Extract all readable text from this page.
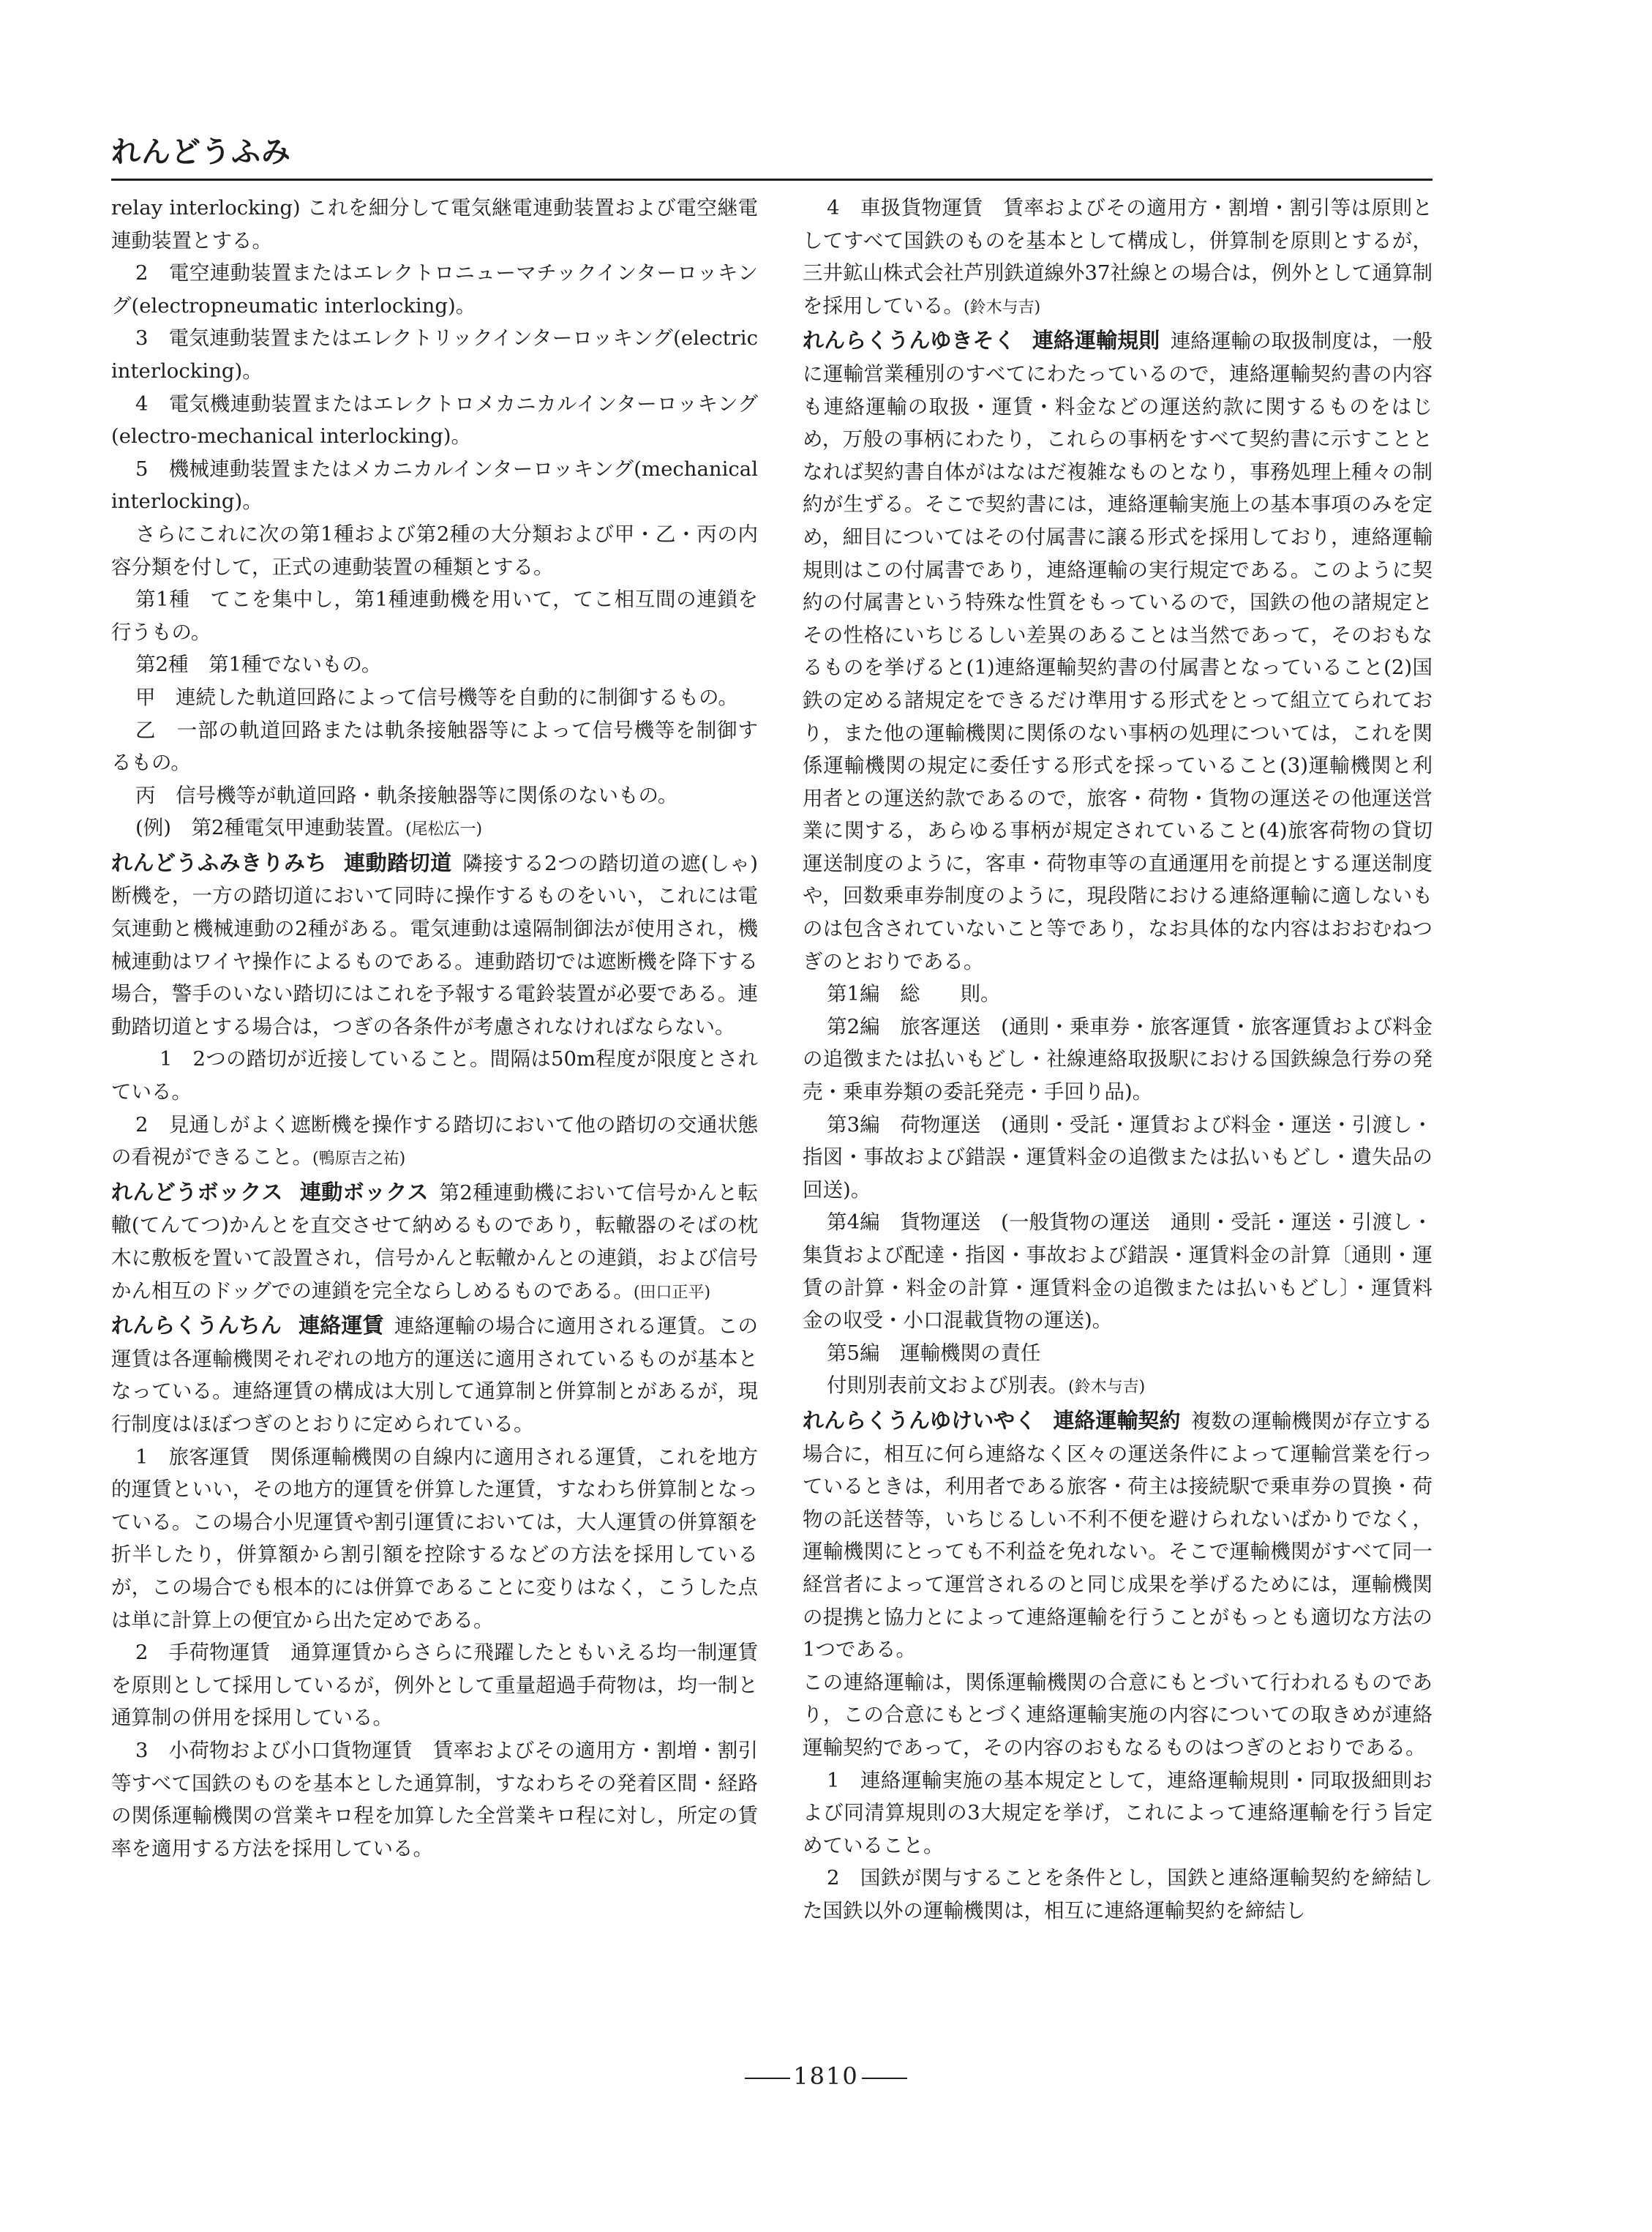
れんどうふみ

relay interlocking) これを細分して電気継電連動装置および電空継電連動装置とする。

2　電空連動装置またはエレクトロニューマチックインターロッキング(electropneumatic interlocking)。

3　電気連動装置またはエレクトリックインターロッキング(electric interlocking)。

4　電気機連動装置またはエレクトロメカニカルインターロッキング(electro-mechanical interlocking)。

5　機械連動装置またはメカニカルインターロッキング(mechanical interlocking)。

さらにこれに次の第1種および第2種の大分類および甲・乙・丙の内容分類を付して，正式の連動装置の種類とする。

第1種　てこを集中し，第1種連動機を用いて，てこ相互間の連鎖を行うもの。

第2種　第1種でないもの。

甲　連続した軌道回路によって信号機等を自動的に制御するもの。

乙　一部の軌道回路または軌条接触器等によって信号機等を制御するもの。

丙　信号機等が軌道回路・軌条接触器等に関係のないもの。

(例)　第2種電気甲連動装置。(尾松広一)

れんどうふみきりみち 連動踏切道 隣接する2つの踏切道の遮(しゃ)断機を，一方の踏切道において同時に操作するものをいい，これには電気連動と機械連動の2種がある。電気連動は遠隔制御法が使用され，機械連動はワイヤ操作によるものである。連動踏切では遮断機を降下する場合，警手のいない踏切にはこれを予報する電鈴装置が必要である。連動踏切道とする場合は，つぎの各条件が考慮されなければならない。

1　2つの踏切が近接していること。間隔は50m程度が限度とされている。

2　見通しがよく遮断機を操作する踏切において他の踏切の交通状態の看視ができること。(鴨原吉之祐)

れんどうボックス 連動ボックス 第2種連動機において信号かんと転轍(てんてつ)かんとを直交させて納めるものであり，転轍器のそばの枕木に敷板を置いて設置され，信号かんと転轍かんとの連鎖，および信号かん相互のドッグでの連鎖を完全ならしめるものである。(田口正平)

れんらくうんちん 連絡運賃 連絡運輸の場合に適用される運賃。この運賃は各運輸機関それぞれの地方的運送に適用されているものが基本となっている。連絡運賃の構成は大別して通算制と併算制とがあるが，現行制度はほぼつぎのとおりに定められている。

1　旅客運賃　関係運輸機関の自線内に適用される運賃，これを地方的運賃といい，その地方的運賃を併算した運賃，すなわち併算制となっている。この場合小児運賃や割引運賃においては，大人運賃の併算額を折半したり，併算額から割引額を控除するなどの方法を採用しているが，この場合でも根本的には併算であることに変りはなく，こうした点は単に計算上の便宜から出た定めである。

2　手荷物運賃　通算運賃からさらに飛躍したともいえる均一制運賃を原則として採用しているが，例外として重量超過手荷物は，均一制と通算制の併用を採用している。

3　小荷物および小口貨物運賃　賃率およびその適用方・割増・割引等すべて国鉄のものを基本とした通算制，すなわちその発着区間・経路の関係運輸機関の営業キロ程を加算した全営業キロ程に対し，所定の賃率を適用する方法を採用している。

4　車扱貨物運賃　賃率およびその適用方・割増・割引等は原則としてすべて国鉄のものを基本として構成し，併算制を原則とするが，三井鉱山株式会社芦別鉄道線外37社線との場合は，例外として通算制を採用している。(鈴木与吉)

れんらくうんゆきそく 連絡運輸規則 連絡運輸の取扱制度は，一般に運輸営業種別のすべてにわたっているので，連絡運輸契約書の内容も連絡運輸の取扱・運賃・料金などの運送約款に関するものをはじめ，万般の事柄にわたり，これらの事柄をすべて契約書に示すこととなれば契約書自体がはなはだ複雑なものとなり，事務処理上種々の制約が生ずる。そこで契約書には，連絡運輸実施上の基本事項のみを定め，細目についてはその付属書に譲る形式を採用しており，連絡運輸規則はこの付属書であり，連絡運輸の実行規定である。このように契約の付属書という特殊な性質をもっているので，国鉄の他の諸規定とその性格にいちじるしい差異のあることは当然であって，そのおもなるものを挙げると(1)連絡運輸契約書の付属書となっていること(2)国鉄の定める諸規定をできるだけ準用する形式をとって組立てられており，また他の運輸機関に関係のない事柄の処理については，これを関係運輸機関の規定に委任する形式を採っていること(3)運輸機関と利用者との運送約款であるので，旅客・荷物・貨物の運送その他運送営業に関する，あらゆる事柄が規定されていること(4)旅客荷物の貸切運送制度のように，客車・荷物車等の直通運用を前提とする運送制度や，回数乗車券制度のように，現段階における連絡運輸に適しないものは包含されていないこと等であり，なお具体的な内容はおおむねつぎのとおりである。

第1編　総　　則。

第2編　旅客運送　(通則・乗車券・旅客運賃・旅客運賃および料金の追徴または払いもどし・社線連絡取扱駅における国鉄線急行券の発売・乗車券類の委託発売・手回り品)。

第3編　荷物運送　(通則・受託・運賃および料金・運送・引渡し・指図・事故および錯誤・運賃料金の追徴または払いもどし・遺失品の回送)。

第4編　貨物運送　(一般貨物の運送　通則・受託・運送・引渡し・集貨および配達・指図・事故および錯誤・運賃料金の計算〔通則・運賃の計算・料金の計算・運賃料金の追徴または払いもどし〕・運賃料金の収受・小口混載貨物の運送)。

第5編　運輸機関の責任

付則別表前文および別表。(鈴木与吉)

れんらくうんゆけいやく 連絡運輸契約 複数の運輸機関が存立する場合に，相互に何ら連絡なく区々の運送条件によって運輸営業を行っているときは，利用者である旅客・荷主は接続駅で乗車券の買換・荷物の託送替等，いちじるしい不利不便を避けられないばかりでなく，運輸機関にとっても不利益を免れない。そこで運輸機関がすべて同一経営者によって運営されるのと同じ成果を挙げるためには，運輸機関の提携と協力とによって連絡運輸を行うことがもっとも適切な方法の1つである。

この連絡運輸は，関係運輸機関の合意にもとづいて行われるものであり，この合意にもとづく連絡運輸実施の内容についての取きめが連絡運輸契約であって，その内容のおもなるものはつぎのとおりである。

1　連絡運輸実施の基本規定として，連絡運輸規則・同取扱細則および同清算規則の3大規定を挙げ，これによって連絡運輸を行う旨定めていること。

2　国鉄が関与することを条件とし，国鉄と連絡運輸契約を締結した国鉄以外の運輸機関は，相互に連絡運輸契約を締結し

1810
